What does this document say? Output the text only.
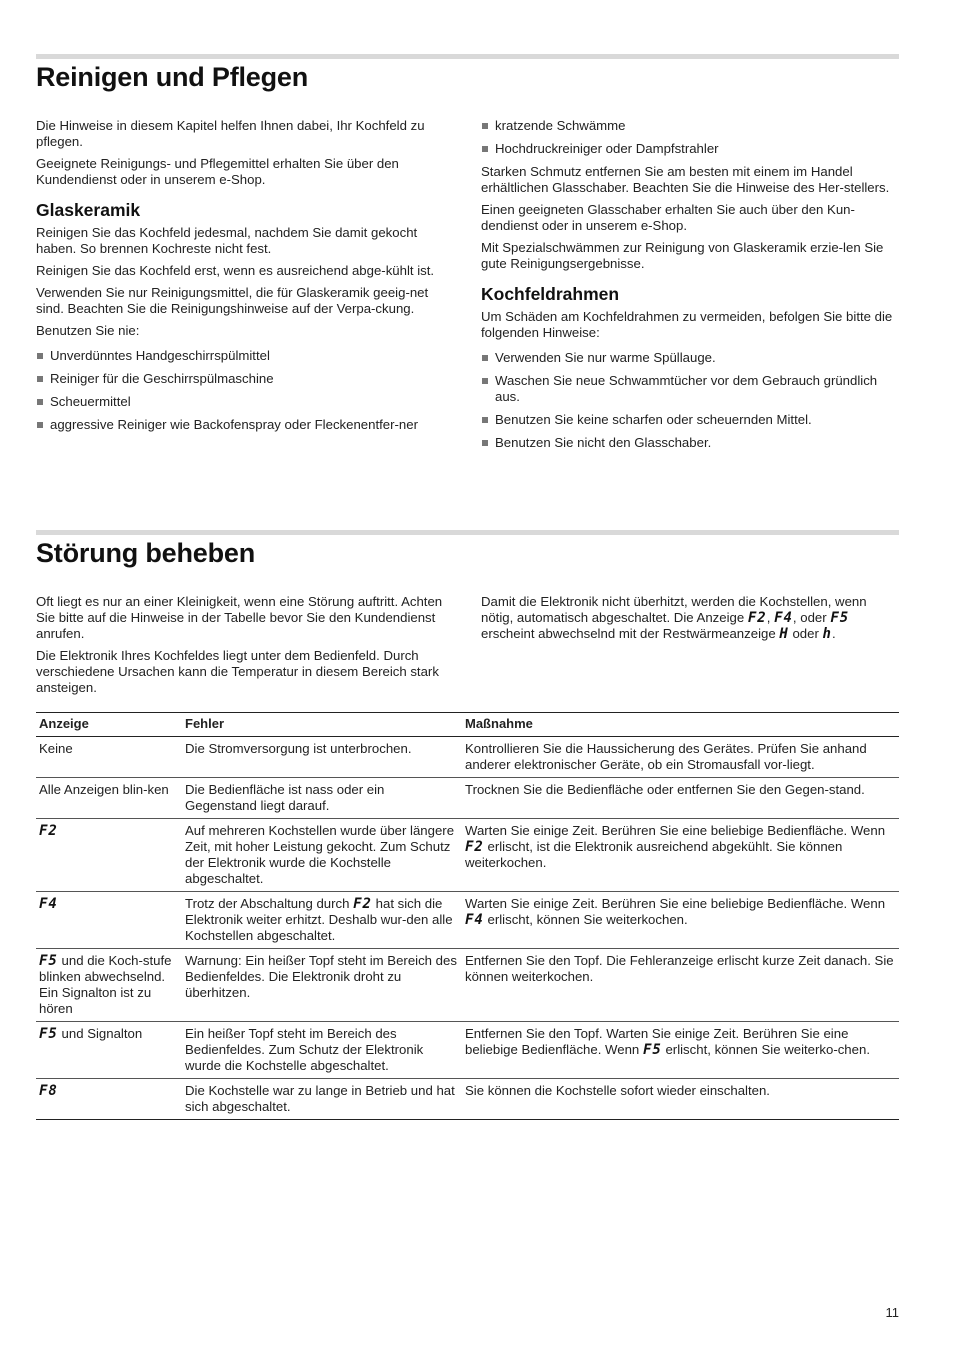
Reinigen und Pflegen

Die Hinweise in diesem Kapitel helfen Ihnen dabei, Ihr Kochfeld zu pflegen.

Geeignete Reinigungs- und Pflegemittel erhalten Sie über den Kundendienst oder in unserem e-Shop.

Glaskeramik

Reinigen Sie das Kochfeld jedesmal, nachdem Sie damit gekocht haben. So brennen Kochreste nicht fest.

Reinigen Sie das Kochfeld erst, wenn es ausreichend abge-kühlt ist.

Verwenden Sie nur Reinigungsmittel, die für Glaskeramik geeig-net sind. Beachten Sie die Reinigungshinweise auf der Verpa-ckung.

Benutzen Sie nie:

Unverdünntes Handgeschirrspülmittel
Reiniger für die Geschirrspülmaschine
Scheuermittel
aggressive Reiniger wie Backofenspray oder Fleckenentfer-ner
kratzende Schwämme
Hochdruckreiniger oder Dampfstrahler

Starken Schmutz entfernen Sie am besten mit einem im Handel erhältlichen Glasschaber. Beachten Sie die Hinweise des Her-stellers.

Einen geeigneten Glasschaber erhalten Sie auch über den Kun-dendienst oder in unserem e-Shop.

Mit Spezialschwämmen zur Reinigung von Glaskeramik erzie-len Sie gute Reinigungsergebnisse.

Kochfeldrahmen

Um Schäden am Kochfeldrahmen zu vermeiden, befolgen Sie bitte die folgenden Hinweise:

Verwenden Sie nur warme Spüllauge.
Waschen Sie neue Schwammtücher vor dem Gebrauch gründlich aus.
Benutzen Sie keine scharfen oder scheuernden Mittel.
Benutzen Sie nicht den Glasschaber.
Störung beheben

Oft liegt es nur an einer Kleinigkeit, wenn eine Störung auftritt. Achten Sie bitte auf die Hinweise in der Tabelle bevor Sie den Kundendienst anrufen.

Die Elektronik Ihres Kochfeldes liegt unter dem Bedienfeld. Durch verschiedene Ursachen kann die Temperatur in diesem Bereich stark ansteigen.

Damit die Elektronik nicht überhitzt, werden die Kochstellen, wenn nötig, automatisch abgeschaltet. Die Anzeige F2, F4, oder F5 erscheint abwechselnd mit der Restwärmeanzeige H oder h.

Anzeige	Fehler	Maßnahme
Keine	Die Stromversorgung ist unterbrochen.	Kontrollieren Sie die Haussicherung des Gerätes. Prüfen Sie anhand anderer elektronischer Geräte, ob ein Stromausfall vor-liegt.
Alle Anzeigen blin-ken	Die Bedienfläche ist nass oder ein Gegenstand liegt darauf.	Trocknen Sie die Bedienfläche oder entfernen Sie den Gegen-stand.
F2	Auf mehreren Kochstellen wurde über längere Zeit, mit hoher Leistung gekocht. Zum Schutz der Elektronik wurde die Kochstelle abgeschaltet.	Warten Sie einige Zeit. Berühren Sie eine beliebige Bedienfläche. Wenn F2 erlischt, ist die Elektronik ausreichend abgekühlt. Sie können weiterkochen.
F4	Trotz der Abschaltung durch F2 hat sich die Elektronik weiter erhitzt. Deshalb wur-den alle Kochstellen abgeschaltet.	Warten Sie einige Zeit. Berühren Sie eine beliebige Bedienfläche. Wenn F4 erlischt, können Sie weiterkochen.
F5 und die Koch-stufe blinken abwechselnd. Ein Signalton ist zu hören	Warnung: Ein heißer Topf steht im Bereich des Bedienfeldes. Die Elektronik droht zu überhitzen.	Entfernen Sie den Topf. Die Fehleranzeige erlischt kurze Zeit danach. Sie können weiterkochen.
F5 und Signalton	Ein heißer Topf steht im Bereich des Bedienfeldes. Zum Schutz der Elektronik wurde die Kochstelle abgeschaltet.	Entfernen Sie den Topf. Warten Sie einige Zeit. Berühren Sie eine beliebige Bedienfläche. Wenn F5 erlischt, können Sie weiterko-chen.
F8	Die Kochstelle war zu lange in Betrieb und hat sich abgeschaltet.	Sie können die Kochstelle sofort wieder einschalten.
11
